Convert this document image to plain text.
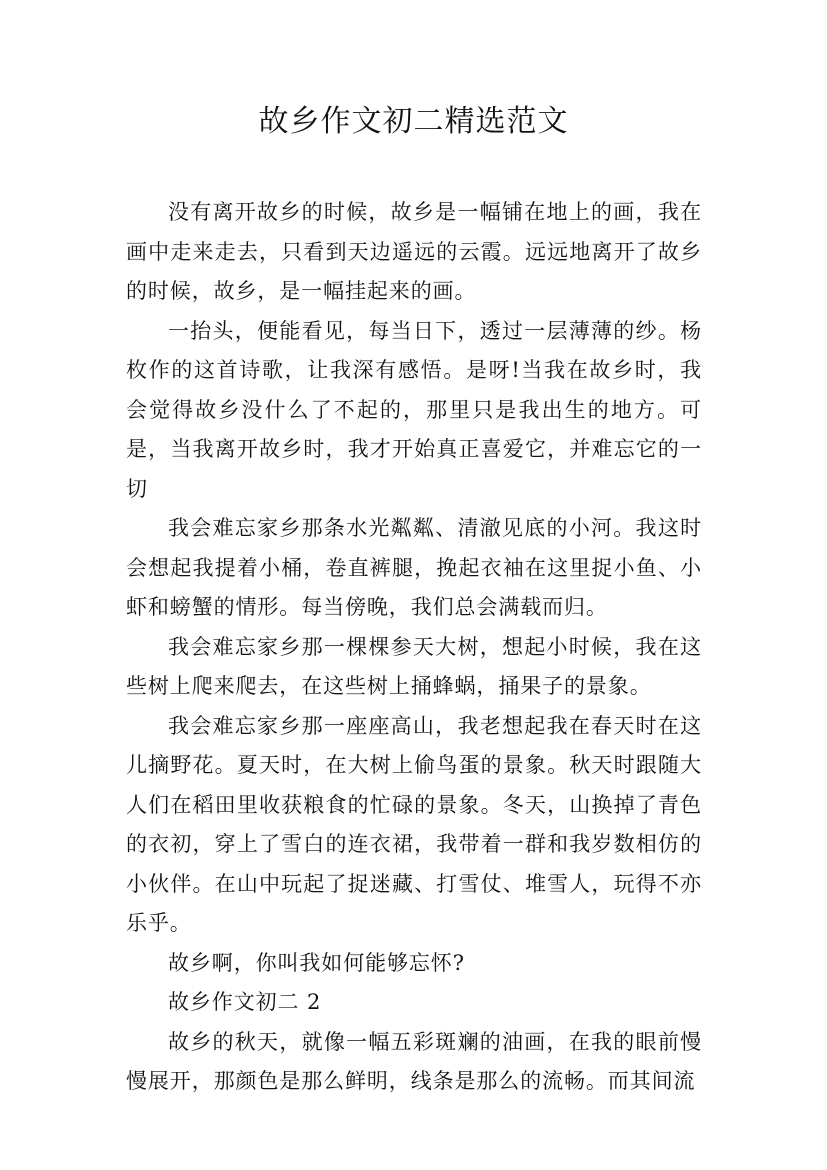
故乡作文初二精选范文

没有离开故乡的时候，故乡是一幅铺在地上的画，我在画中走来走去，只看到天边遥远的云霞。远远地离开了故乡的时候，故乡，是一幅挂起来的画。

一抬头，便能看见，每当日下，透过一层薄薄的纱。杨枚作的这首诗歌，让我深有感悟。是呀!当我在故乡时，我会觉得故乡没什么了不起的，那里只是我出生的地方。可是，当我离开故乡时，我才开始真正喜爱它，并难忘它的一切

我会难忘家乡那条水光粼粼、清澈见底的小河。我这时会想起我提着小桶，卷直裤腿，挽起衣袖在这里捉小鱼、小虾和螃蟹的情形。每当傍晚，我们总会满载而归。

我会难忘家乡那一棵棵参天大树，想起小时候，我在这些树上爬来爬去，在这些树上捅蜂蜗，捅果子的景象。

我会难忘家乡那一座座高山，我老想起我在春天时在这儿摘野花。夏天时，在大树上偷鸟蛋的景象。秋天时跟随大人们在稻田里收获粮食的忙碌的景象。冬天，山换掉了青色的衣初，穿上了雪白的连衣裙，我带着一群和我岁数相仿的小伙伴。在山中玩起了捉迷藏、打雪仗、堆雪人，玩得不亦乐乎。

故乡啊，你叫我如何能够忘怀?

故乡作文初二 2

故乡的秋天，就像一幅五彩斑斓的油画，在我的眼前慢慢展开，那颜色是那么鲜明，线条是那么的流畅。而其间流
